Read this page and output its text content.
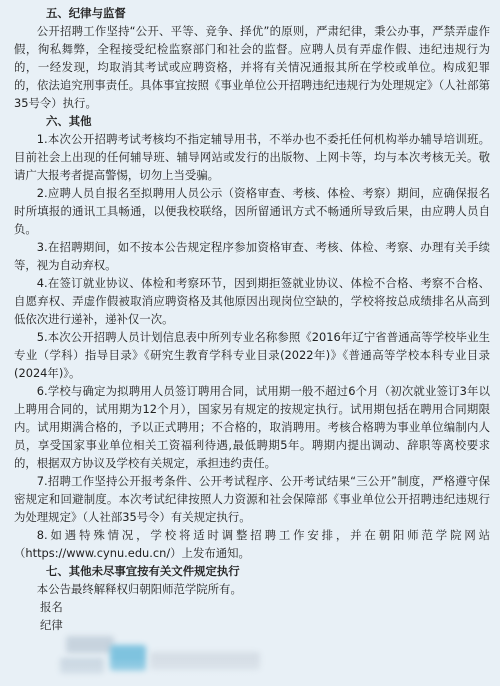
五、纪律与监督

公开招聘工作坚持“公开、平等、竞争、择优”的原则，严肃纪律，秉公办事，严禁弄虚作假，徇私舞弊，全程接受纪检监察部门和社会的监督。应聘人员有弄虚作假、违纪违规行为的，一经发现，均取消其考试或应聘资格，并将有关情况通报其所在学校或单位。构成犯罪的，依法追究刑事责任。具体事宜按照《事业单位公开招聘违纪违规行为处理规定》（人社部第35号令）执行。

六、其他

1.本次公开招聘考试考核均不指定辅导用书，不举办也不委托任何机构举办辅导培训班。目前社会上出现的任何辅导班、辅导网站或发行的出版物、上网卡等，均与本次考核无关。敬请广大报考者提高警惕，切勿上当受骗。

2.应聘人员自报名至拟聘用人员公示（资格审查、考核、体检、考察）期间，应确保报名时所填报的通讯工具畅通，以便我校联络，因所留通讯方式不畅通所导致后果，由应聘人员自负。

3.在招聘期间，如不按本公告规定程序参加资格审查、考核、体检、考察、办理有关手续等，视为自动弃权。

4.在签订就业协议、体检和考察环节，因到期拒签就业协议、体检不合格、考察不合格、自愿弃权、弄虚作假被取消应聘资格及其他原因出现岗位空缺的，学校将按总成绩排名从高到低依次进行递补，递补仅一次。

5.本次公开招聘人员计划信息表中所列专业名称参照《2016年辽宁省普通高等学校毕业生专业（学科）指导目录》《研究生教育学科专业目录(2022年)》《普通高等学校本科专业目录(2024年)》。

6.学校与确定为拟聘用人员签订聘用合同，试用期一般不超过6个月（初次就业签订3年以上聘用合同的，试用期为12个月），国家另有规定的按规定执行。试用期包括在聘用合同期限内。试用期满合格的，予以正式聘用；不合格的，取消聘用。考核合格聘为事业单位编制内人员，享受国家事业单位相关工资福利待遇,最低聘期5年。聘期内提出调动、辞职等离校要求的，根据双方协议及学校有关规定，承担违约责任。

7.招聘工作坚持公开报考条件、公开考试程序、公开考试结果“三公开”制度，严格遵守保密规定和回避制度。本次考试纪律按照人力资源和社会保障部《事业单位公开招聘违纪违规行为处理规定》（人社部35号令）有关规定执行。

8.如遇特殊情况，学校将适时调整招聘工作安排，并在朝阳师范学院网站（https://www.cynu.edu.cn/）上发布通知。

七、其他未尽事宜按有关文件规定执行

本公告最终解释权归朝阳师范学院所有。

报名

纪律
